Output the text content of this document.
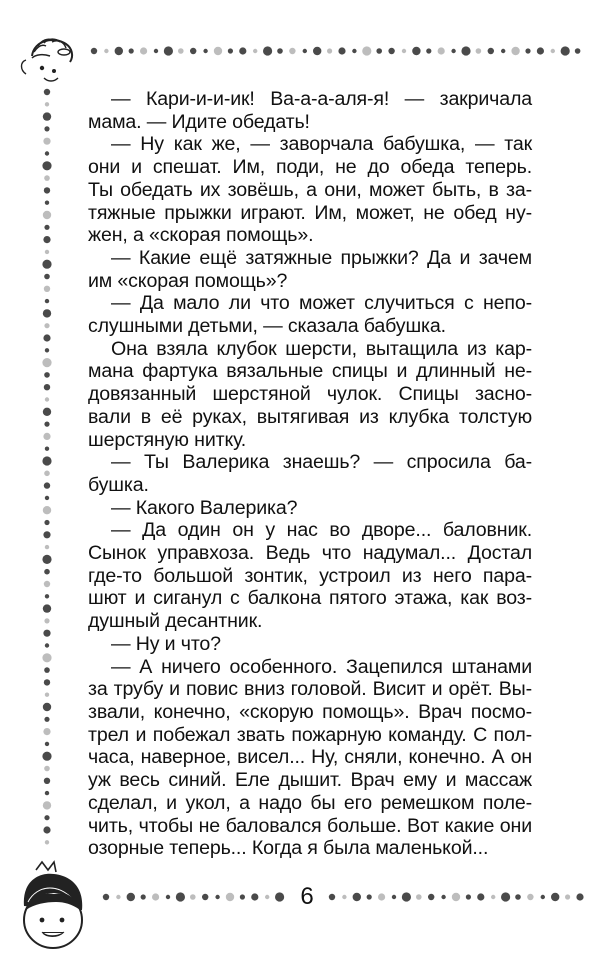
— Кари-и-и-ик! Ва-а-а-аля-я! — закричала
мама. — Идите обедать!
— Ну как же, — заворчала бабушка, — так
они и спешат. Им, поди, не до обеда теперь.
Ты обедать их зовёшь, а они, может быть, в за-
тяжные прыжки играют. Им, может, не обед ну-
жен, а «скорая помощь».
— Какие ещё затяжные прыжки? Да и зачем
им «скорая помощь»?
— Да мало ли что может случиться с непо-
слушными детьми, — сказала бабушка.
Она взяла клубок шерсти, вытащила из кар-
мана фартука вязальные спицы и длинный не-
довязанный шерстяной чулок. Спицы засно-
вали в её руках, вытягивая из клубка толстую
шерстяную нитку.
— Ты Валерика знаешь? — спросила ба-
бушка.
— Какого Валерика?
— Да один он у нас во дворе... баловник.
Сынок управхоза. Ведь что надумал... Достал
где-то большой зонтик, устроил из него пара-
шют и сиганул с балкона пятого этажа, как воз-
душный десантник.
— Ну и что?
— А ничего особенного. Зацепился штанами
за трубу и повис вниз головой. Висит и орёт. Вы-
звали, конечно, «скорую помощь». Врач посмо-
трел и побежал звать пожарную команду. С пол-
часа, наверное, висел... Ну, сняли, конечно. А он
уж весь синий. Еле дышит. Врач ему и массаж
сделал, и укол, а надо бы его ремешком поле-
чить, чтобы не баловался больше. Вот какие они
озорные теперь... Когда я была маленькой...
6
